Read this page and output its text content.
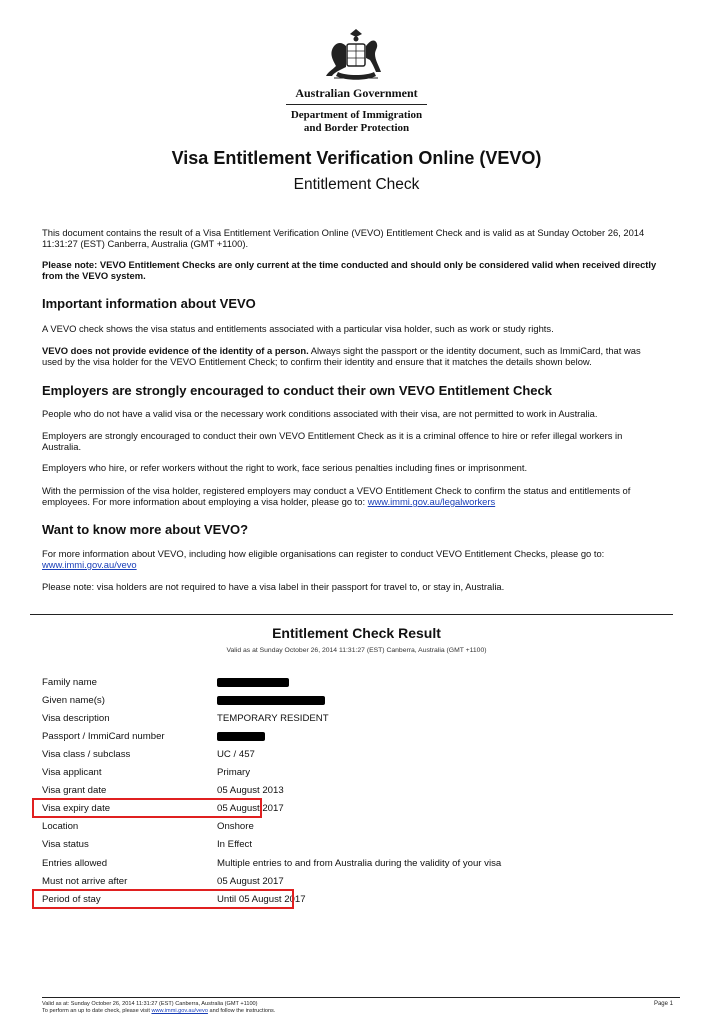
Australian Government
Department of Immigration
and Border Protection
Visa Entitlement Verification Online (VEVO)
Entitlement Check
This document contains the result of a Visa Entitlement Verification Online (VEVO) Entitlement Check and is valid as at Sunday October 26, 2014 11:31:27 (EST) Canberra, Australia (GMT +1100).
Please note: VEVO Entitlement Checks are only current at the time conducted and should only be considered valid when received directly from the VEVO system.
Important information about VEVO
A VEVO check shows the visa status and entitlements associated with a particular visa holder, such as work or study rights.
VEVO does not provide evidence of the identity of a person. Always sight the passport or the identity document, such as ImmiCard, that was used by the visa holder for the VEVO Entitlement Check; to confirm their identity and ensure that it matches the details shown below.
Employers are strongly encouraged to conduct their own VEVO Entitlement Check
People who do not have a valid visa or the necessary work conditions associated with their visa, are not permitted to work in Australia.
Employers are strongly encouraged to conduct their own VEVO Entitlement Check as it is a criminal offence to hire or refer illegal workers in Australia.
Employers who hire, or refer workers without the right to work, face serious penalties including fines or imprisonment.
With the permission of the visa holder, registered employers may conduct a VEVO Entitlement Check to confirm the status and entitlements of employees. For more information about employing a visa holder, please go to: www.immi.gov.au/legalworkers
Want to know more about VEVO?
For more information about VEVO, including how eligible organisations can register to conduct VEVO Entitlement Checks, please go to:
www.immi.gov.au/vevo
Please note: visa holders are not required to have a visa label in their passport for travel to, or stay in, Australia.
Entitlement Check Result
Valid as at Sunday October 26, 2014 11:31:27 (EST) Canberra, Australia (GMT +1100)
Family name
Given name(s)
Visa description	TEMPORARY RESIDENT
Passport / ImmiCard number
Visa class / subclass	UC / 457
Visa applicant	Primary
Visa grant date	05 August 2013
Visa expiry date	05 August 2017
Location	Onshore
Visa status	In Effect
Entries allowed	Multiple entries to and from Australia during the validity of your visa
Must not arrive after	05 August 2017
Period of stay	Until 05 August 2017
Valid as at: Sunday October 26, 2014 11:31:27 (EST) Canberra, Australia (GMT +1100)
To perform an up to date check, please visit www.immi.gov.au/vevo and follow the instructions.
Page 1
